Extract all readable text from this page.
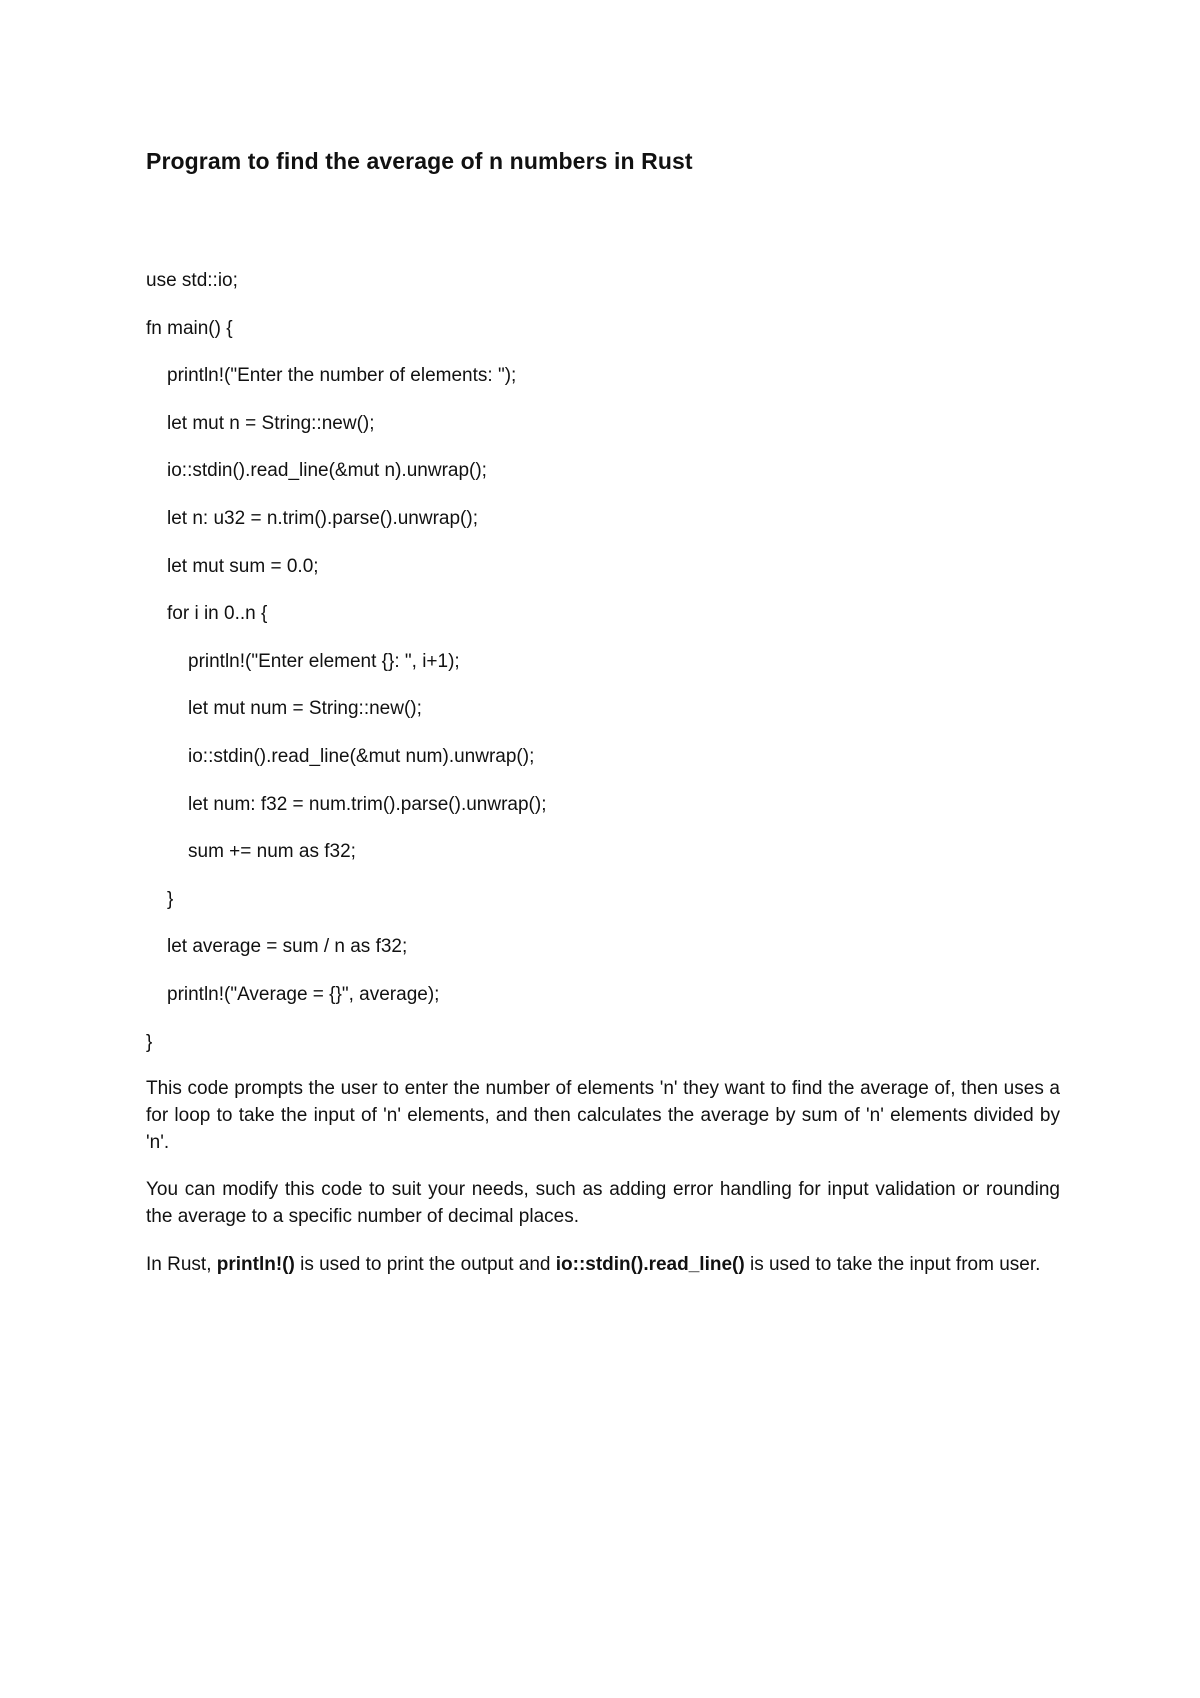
Program to find the average of n numbers in Rust
use std::io;
fn main() {
println!("Enter the number of elements: ");
let mut n = String::new();
io::stdin().read_line(&mut n).unwrap();
let n: u32 = n.trim().parse().unwrap();
let mut sum = 0.0;
for i in 0..n {
println!("Enter element {}: ", i+1);
let mut num = String::new();
io::stdin().read_line(&mut num).unwrap();
let num: f32 = num.trim().parse().unwrap();
sum += num as f32;
}
let average = sum / n as f32;
println!("Average = {}", average);
}

This code prompts the user to enter the number of elements 'n' they want to find the average of, then uses a for loop to take the input of 'n' elements, and then calculates the average by sum of 'n' elements divided by 'n'.

You can modify this code to suit your needs, such as adding error handling for input validation or rounding the average to a specific number of decimal places.

In Rust, println!() is used to print the output and io::stdin().read_line() is used to take the input from user.
